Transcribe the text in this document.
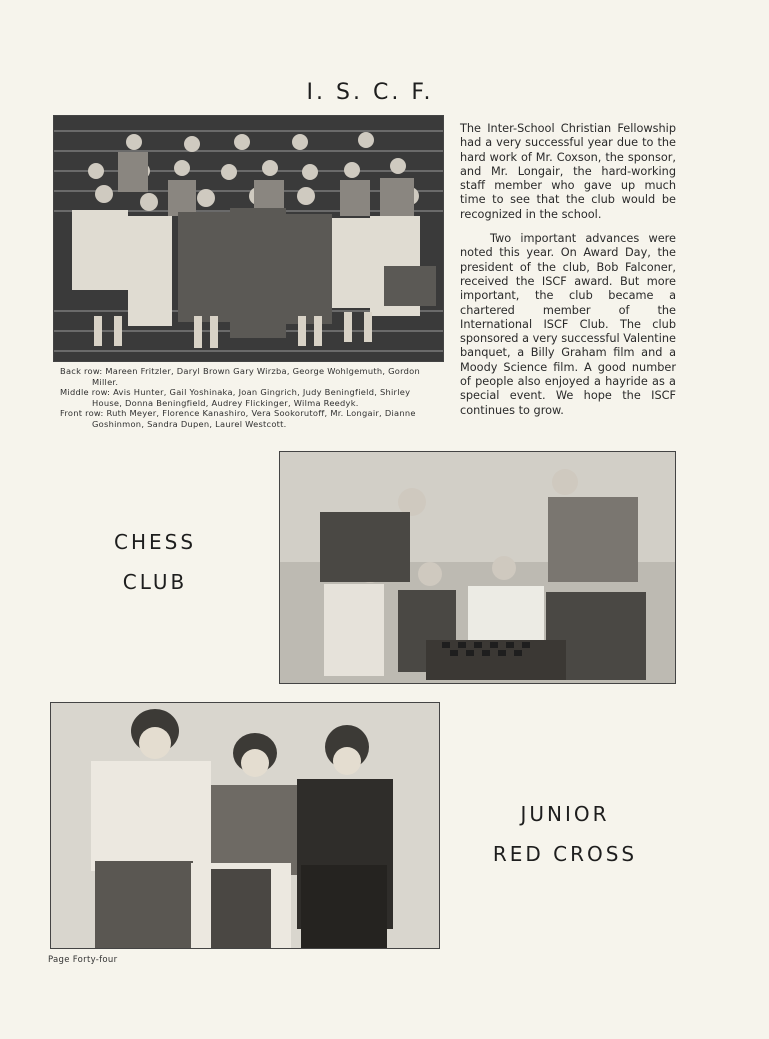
I. S. C. F.
Back row: Mareen Fritzler, Daryl Brown Gary Wirzba, George Wohlgemuth, Gordon Miller.
Middle row: Avis Hunter, Gail Yoshinaka, Joan Gingrich, Judy Beningfield, Shirley House, Donna Beningfield, Audrey Flickinger, Wilma Reedyk.
Front row: Ruth Meyer, Florence Kanashiro, Vera Sookorutoff, Mr. Longair, Dianne Goshinmon, Sandra Dupen, Laurel Westcott.

The Inter-School Christian Fellowship had a very successful year due to the hard work of Mr. Coxson, the sponsor, and Mr. Longair, the hard-working staff member who gave up much time to see that the club would be recognized in the school.

Two important advances were noted this year. On Award Day, the president of the club, Bob Falconer, received the ISCF award. But more important, the club became a chartered member of the International ISCF Club. The club sponsored a very successful Valentine banquet, a Billy Graham film and a Moody Science film. A good number of people also enjoyed a hayride as a special event. We hope the ISCF continues to grow.

CHESS
CLUB
JUNIOR
RED CROSS
Page Forty-four
